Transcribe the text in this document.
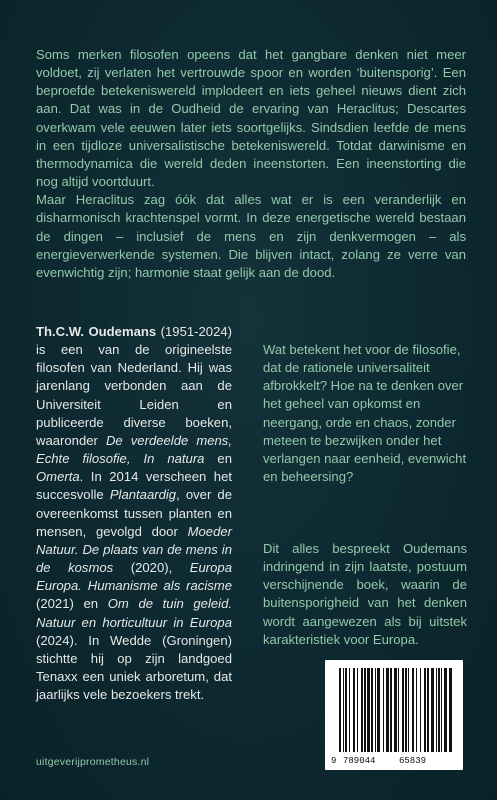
Soms merken filosofen opeens dat het gangbare denken niet meer voldoet, zij verlaten het vertrouwde spoor en worden ‘buitensporig’. Een beproefde betekeniswereld implodeert en iets geheel nieuws dient zich aan. Dat was in de Oudheid de ervaring van Heraclitus; Descartes overkwam vele eeuwen later iets soortgelijks. Sindsdien leefde de mens in een tijdloze universalistische betekeniswereld. Totdat darwinisme en thermodynamica die wereld deden ineenstorten. Een ineenstorting die nog altijd voortduurt.

Maar Heraclitus zag óók dat alles wat er is een veranderlijk en disharmonisch krachtenspel vormt. In deze energetische wereld bestaan de dingen – inclusief de mens en zijn denkvermogen – als energieverwerkende systemen. Die blijven intact, zolang ze verre van evenwichtig zijn; harmonie staat gelijk aan de dood.

Th.C.W. Oudemans (1951-2024) is een van de origineelste filosofen van Nederland. Hij was jarenlang verbonden aan de Universiteit Leiden en publiceerde diverse boeken, waaronder De verdeelde mens, Echte filosofie, In natura en Omerta. In 2014 verscheen het succesvolle Plantaardig, over de overeenkomst tussen planten en mensen, gevolgd door Moeder Natuur. De plaats van de mens in de kosmos (2020), Europa Europa. Humanisme als racisme (2021) en Om de tuin geleid. Natuur en horticultuur in Europa (2024). In Wedde (Groningen) stichtte hij op zijn landgoed Tenaxx een uniek arboretum, dat jaarlijks vele bezoekers trekt.
Wat betekent het voor de filosofie, dat de rationele universaliteit afbrokkelt? Hoe na te denken over het geheel van opkomst en neergang, orde en chaos, zonder meteen te bezwijken onder het verlangen naar eenheid, evenwicht en beheersing?
Dit alles bespreekt Oudemans indringend in zijn laatste, postuum verschijnende boek, waarin de buitensporigheid van het denken wordt aangewezen als bij uitstek karakteristiek voor Europa.
9 789044	65839
uitgeverijprometheus.nl
